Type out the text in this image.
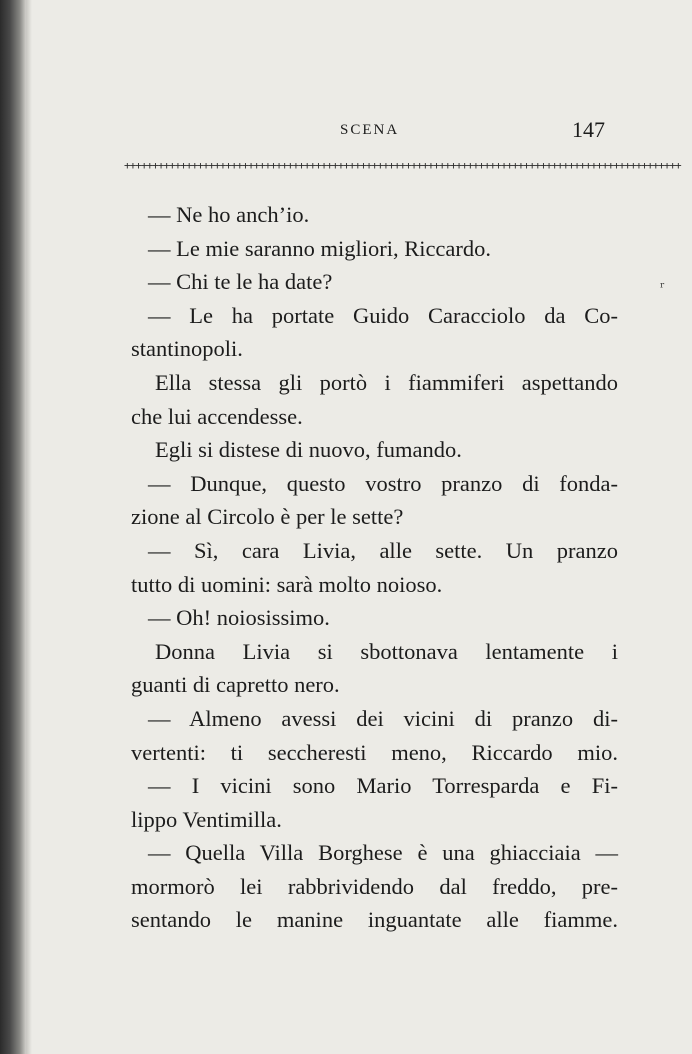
SCENA	147
+++++++++++++++++++++++++++++++++++++++++++++++++++++++++++++++++++++++++++++++++++++++++++++++++++
ʳ
— Ne ho anch’io.
— Le mie saranno migliori, Riccardo.
— Chi te le ha date?
— Le ha portate Guido Caracciolo da Co-
stantinopoli.
Ella stessa gli portò i fiammiferi aspettando
che lui accendesse.
Egli si distese di nuovo, fumando.
— Dunque, questo vostro pranzo di fonda-
zione al Circolo è per le sette?
— Sì, cara Livia, alle sette. Un pranzo
tutto di uomini: sarà molto noioso.
— Oh! noiosissimo.
Donna Livia si sbottonava lentamente i
guanti di capretto nero.
— Almeno avessi dei vicini di pranzo di-
vertenti: ti seccheresti meno, Riccardo mio.
— I vicini sono Mario Torresparda e Fi-
lippo Ventimilla.
— Quella Villa Borghese è una ghiacciaia —
mormorò lei rabbrividendo dal freddo, pre-
sentando le manine inguantate alle fiamme.
